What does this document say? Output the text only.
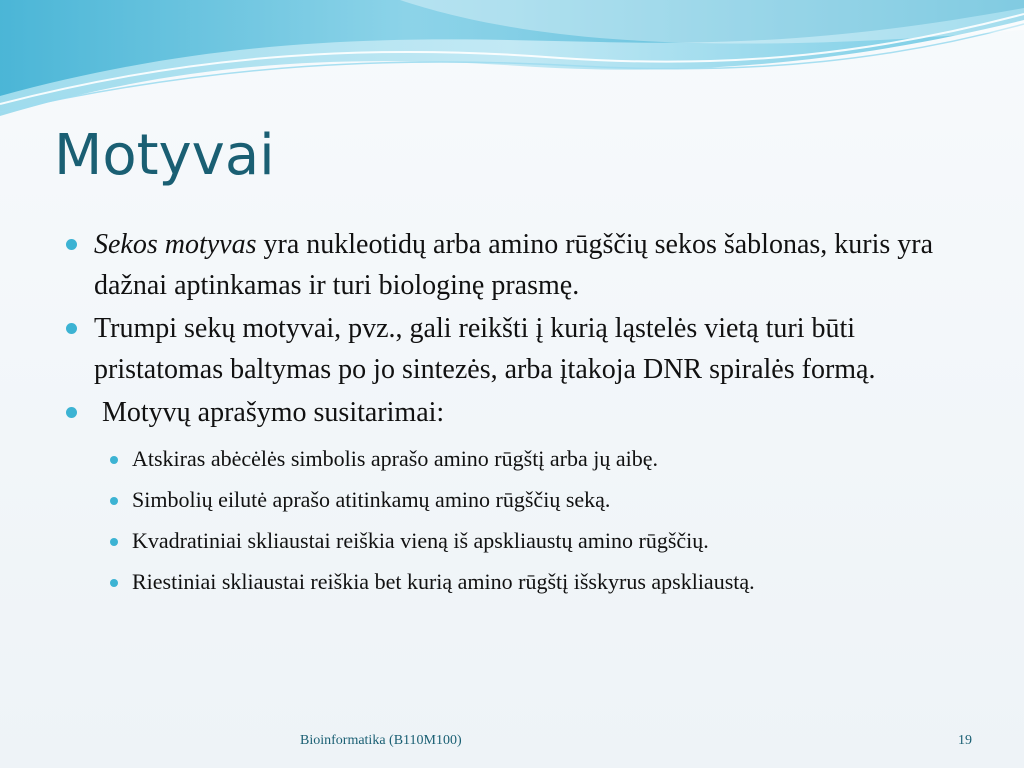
Motyvai
Sekos motyvas yra nukleotidų arba amino rūgščių sekos šablonas, kuris yra dažnai aptinkamas ir turi biologinę prasmę.
Trumpi sekų motyvai, pvz., gali reikšti į kurią ląstelės vietą turi būti pristatomas baltymas po jo sintezės, arba įtakoja DNR spiralės formą.
Motyvų aprašymo susitarimai:
Atskiras abėcėlės simbolis aprašo amino rūgštį arba jų aibę.
Simbolių eilutė aprašo atitinkamų amino rūgščių seką.
Kvadratiniai skliaustai reiškia vieną iš apskliaustų amino rūgščių.
Riestiniai skliaustai reiškia bet kurią amino rūgštį išskyrus apskliaustą.
Bioinformatika (B110M100)	19
